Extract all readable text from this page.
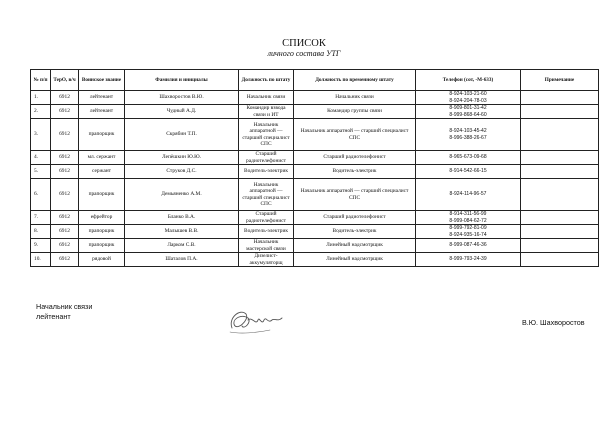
СПИСОК
личного состава УТГ
№ п/п	ТерО, в/ч	Воинское звание	Фамилия и инициалы	Должность по штату	Должность по временному штату	Телефон (сот, -М-633)	Примечание
1.	6912	лейтенант	Шахворостов В.Ю.	Начальник связи	Начальник связи	8-924-103-21-60
8-924-204-78-03	
2.	6912	лейтенант	Чудный А.Д.	Командир взвода связи и ИТ	Командир группы связи	8-909-801-31-42
8-999-868-64-60	
3.	6912	прапорщик	Скрябин Т.П.	Начальник аппаратной — старший специалист СПС	Начальник аппаратной — старший специалист СПС	8-924-103-45-42
8-996-388-26-67	
4.	6912	мл. сержант	Лепёшкин Ю.Ю.	Старший радиотелефонист	Старший радиотелефонист	8-965-673-09-68	
5.	6912	сержант	Струков Д.С.	Водитель-электрик	Водитель-электрик	8-914-542-66-15	
6.	6912	прапорщик	Демьяненко А.М.	Начальник аппаратной — старший специалист СПС	Начальник аппаратной — старший специалист СПС	8-924-114-96-57	
7.	6912	ефрейтор	Бланко В.А.	Старший радиотелефонист	Старший радиотелефонист	8-914-311-56-99
8-999-084-62-72	
8.	6912	прапорщик	Малышев В.В.	Водитель-электрик	Водитель-электрик	8-999-792-81-09
8-924-935-16-74	
9.	6912	прапорщик	Ларком С.В.	Начальник мастерской связи	Линейный надсмотрщик	8-999-087-46-36	
10.	6912	рядовой	Шаталов П.А.	Дизелист-аккумуляторщ	Линейный надсмотрщик	8-999-793-24-39	
Начальник связи
лейтенант
В.Ю. Шахворостов
